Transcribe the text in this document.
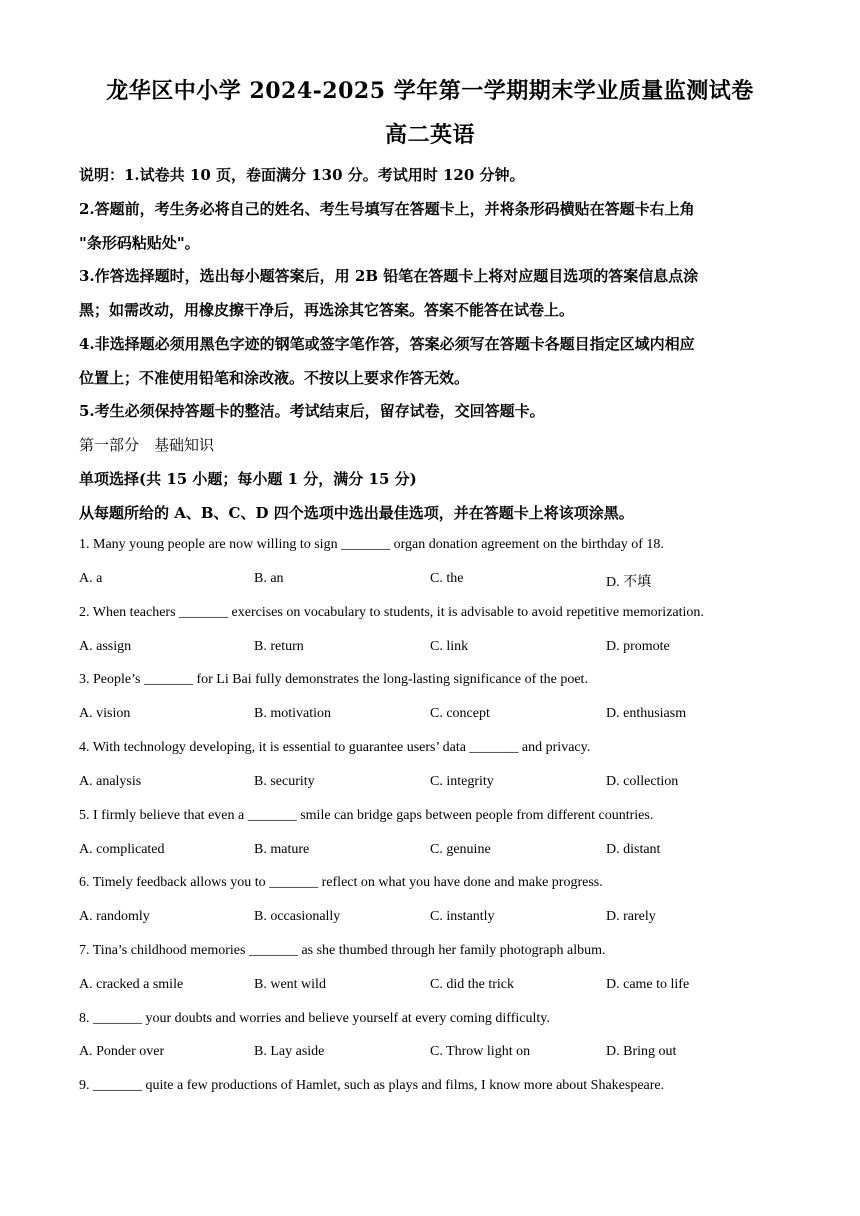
龙华区中小学 2024-2025 学年第一学期期末学业质量监测试卷
高二英语
说明：1.试卷共 10 页，卷面满分 130 分。考试用时 120 分钟。
2.答题前，考生务必将自己的姓名、考生号填写在答题卡上，并将条形码横贴在答题卡右上角
"条形码粘贴处"。
3.作答选择题时，选出每小题答案后，用 2B 铅笔在答题卡上将对应题目选项的答案信息点涂
黑；如需改动，用橡皮擦干净后，再选涂其它答案。答案不能答在试卷上。
4.非选择题必须用黑色字迹的钢笔或签字笔作答，答案必须写在答题卡各题目指定区域内相应
位置上；不准使用铅笔和涂改液。不按以上要求作答无效。
5.考生必须保持答题卡的整洁。考试结束后，留存试卷，交回答题卡。
第一部分　基础知识
单项选择(共 15 小题；每小题 1 分，满分 15 分)
从每题所给的 A、B、C、D 四个选项中选出最佳选项，并在答题卡上将该项涂黑。
1. Many young people are now willing to sign _______ organ donation agreement on the birthday of 18.
A. a	B. an	C. the	D. 不填
2. When teachers _______ exercises on vocabulary to students, it is advisable to avoid repetitive memorization.
A. assign	B. return	C. link	D. promote
3. People’s _______ for Li Bai fully demonstrates the long-lasting significance of the poet.
A. vision	B. motivation	C. concept	D. enthusiasm
4. With technology developing, it is essential to guarantee users’ data _______ and privacy.
A. analysis	B. security	C. integrity	D. collection
5. I firmly believe that even a _______ smile can bridge gaps between people from different countries.
A. complicated	B. mature	C. genuine	D. distant
6. Timely feedback allows you to _______ reflect on what you have done and make progress.
A. randomly	B. occasionally	C. instantly	D. rarely
7. Tina’s childhood memories _______ as she thumbed through her family photograph album.
A. cracked a smile	B. went wild	C. did the trick	D. came to life
8. _______ your doubts and worries and believe yourself at every coming difficulty.
A. Ponder over	B. Lay aside	C. Throw light on	D. Bring out
9. _______ quite a few productions of Hamlet, such as plays and films, I know more about Shakespeare.
